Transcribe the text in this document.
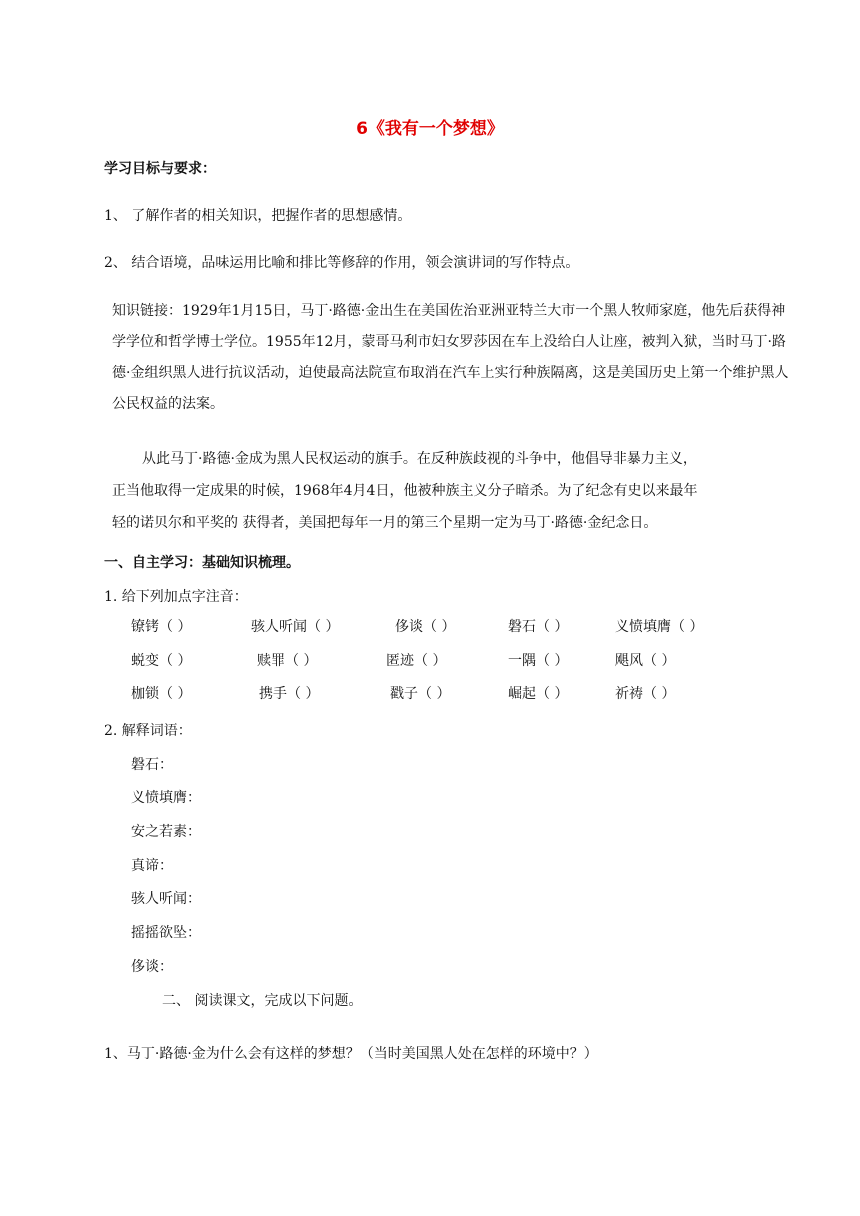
6《我有一个梦想》
学习目标与要求：
1、 了解作者的相关知识，把握作者的思想感情。
2、 结合语境，品味运用比喻和排比等修辞的作用，领会演讲词的写作特点。
知识链接：1929年1月15日，马丁·路德·金出生在美国佐治亚洲亚特兰大市一个黑人牧师家庭，他先后获得神学学位和哲学博士学位。1955年12月，蒙哥马利市妇女罗莎因在车上没给白人让座，被判入狱，当时马丁·路德·金组织黑人进行抗议活动，迫使最高法院宣布取消在汽车上实行种族隔离，这是美国历史上第一个维护黑人公民权益的法案。
从此马丁·路德·金成为黑人民权运动的旗手。在反种族歧视的斗争中，他倡导非暴力主义，
正当他取得一定成果的时候，1968年4月4日，他被种族主义分子暗杀。为了纪念有史以来最年
轻的诺贝尔和平奖的 获得者，美国把每年一月的第三个星期一定为马丁·路德·金纪念日。
一、自主学习：基础知识梳理。
1. 给下列加点字注音：
镣铐（ ）	骇人听闻（ ）	侈谈（ ）	磐石（ ）	义愤填膺（ ）
蜕变（ ）	赎罪（ ）	匿迹（ ）	一隅（ ）	飓风（ ）
枷锁（ ）	携手（ ）	戳子（ ）	崛起（ ）	祈祷（ ）
2. 解释词语：
磐石：
义愤填膺：
安之若素：
真谛：
骇人听闻：
摇摇欲坠：
侈谈：
二、 阅读课文，完成以下问题。
1、马丁·路德·金为什么会有这样的梦想？（当时美国黑人处在怎样的环境中？）
